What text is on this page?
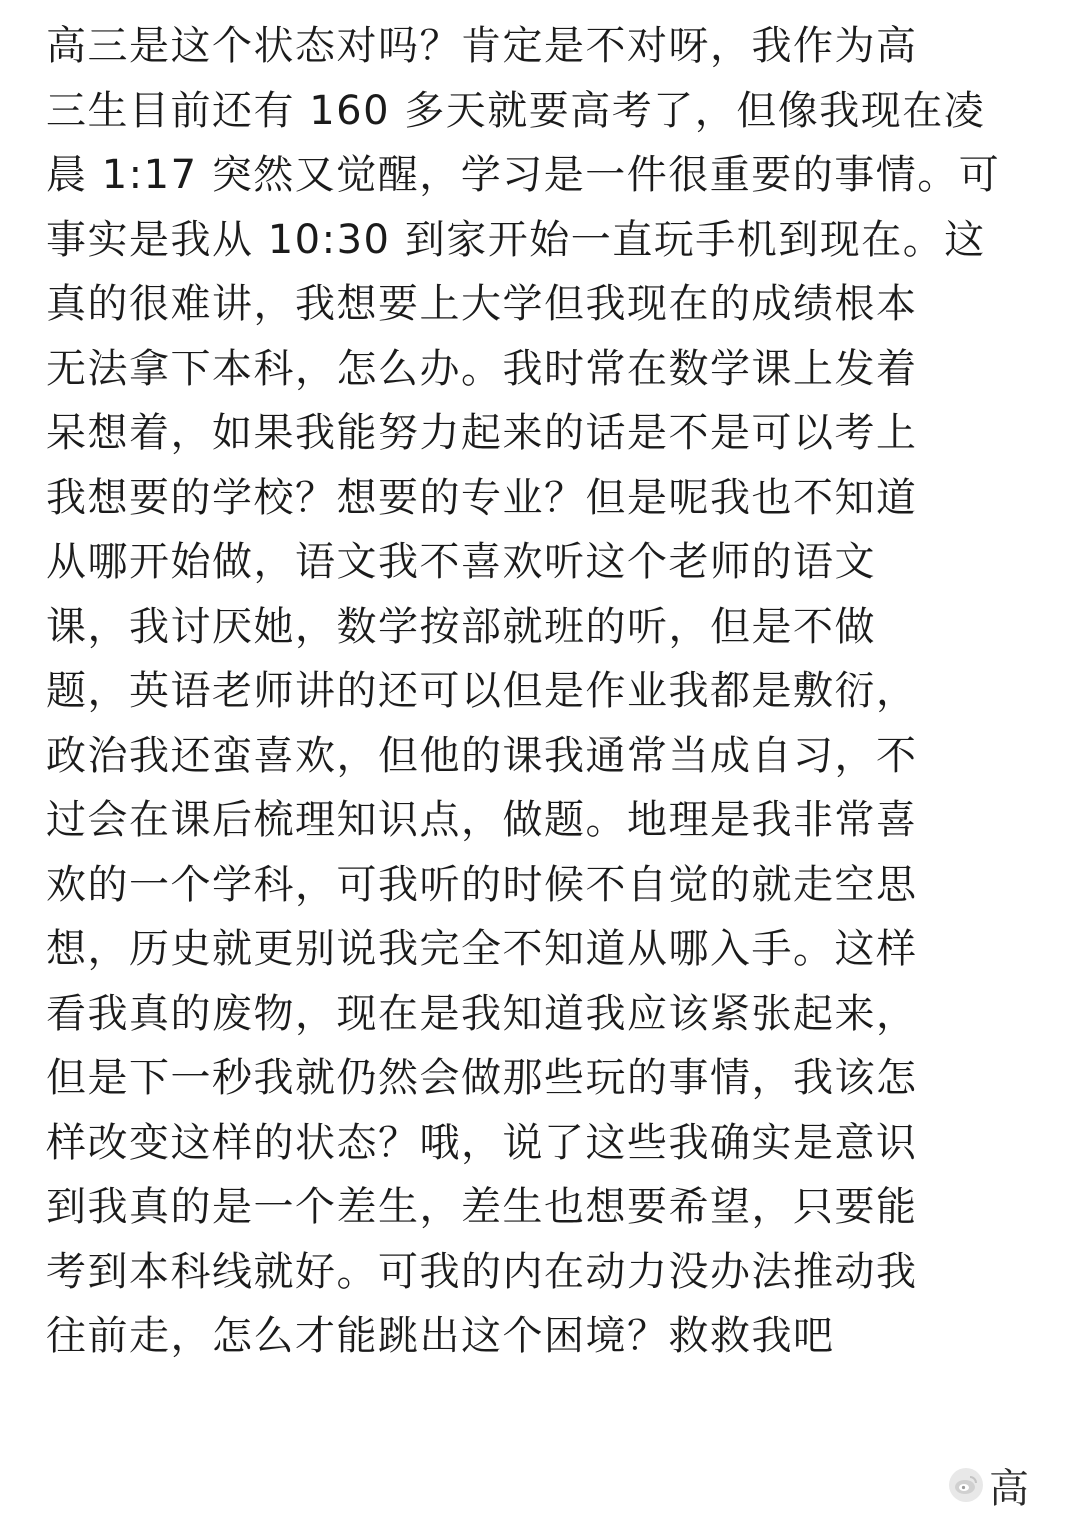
高三是这个状态对吗？肯定是不对呀，我作为高
三生目前还有 160 多天就要高考了，但像我现在凌
晨 1:17 突然又觉醒，学习是一件很重要的事情。可
事实是我从 10:30 到家开始一直玩手机到现在。这
真的很难讲，我想要上大学但我现在的成绩根本
无法拿下本科，怎么办。我时常在数学课上发着
呆想着，如果我能努力起来的话是不是可以考上
我想要的学校？想要的专业？但是呢我也不知道
从哪开始做，语文我不喜欢听这个老师的语文
课，我讨厌她，数学按部就班的听，但是不做
题，英语老师讲的还可以但是作业我都是敷衍，
政治我还蛮喜欢，但他的课我通常当成自习，不
过会在课后梳理知识点，做题。地理是我非常喜
欢的一个学科，可我听的时候不自觉的就走空思
想，历史就更别说我完全不知道从哪入手。这样
看我真的废物，现在是我知道我应该紧张起来，
但是下一秒我就仍然会做那些玩的事情，我该怎
样改变这样的状态？哦，说了这些我确实是意识
到我真的是一个差生，差生也想要希望，只要能
考到本科线就好。可我的内在动力没办法推动我
往前走，怎么才能跳出这个困境？救救我吧
高
